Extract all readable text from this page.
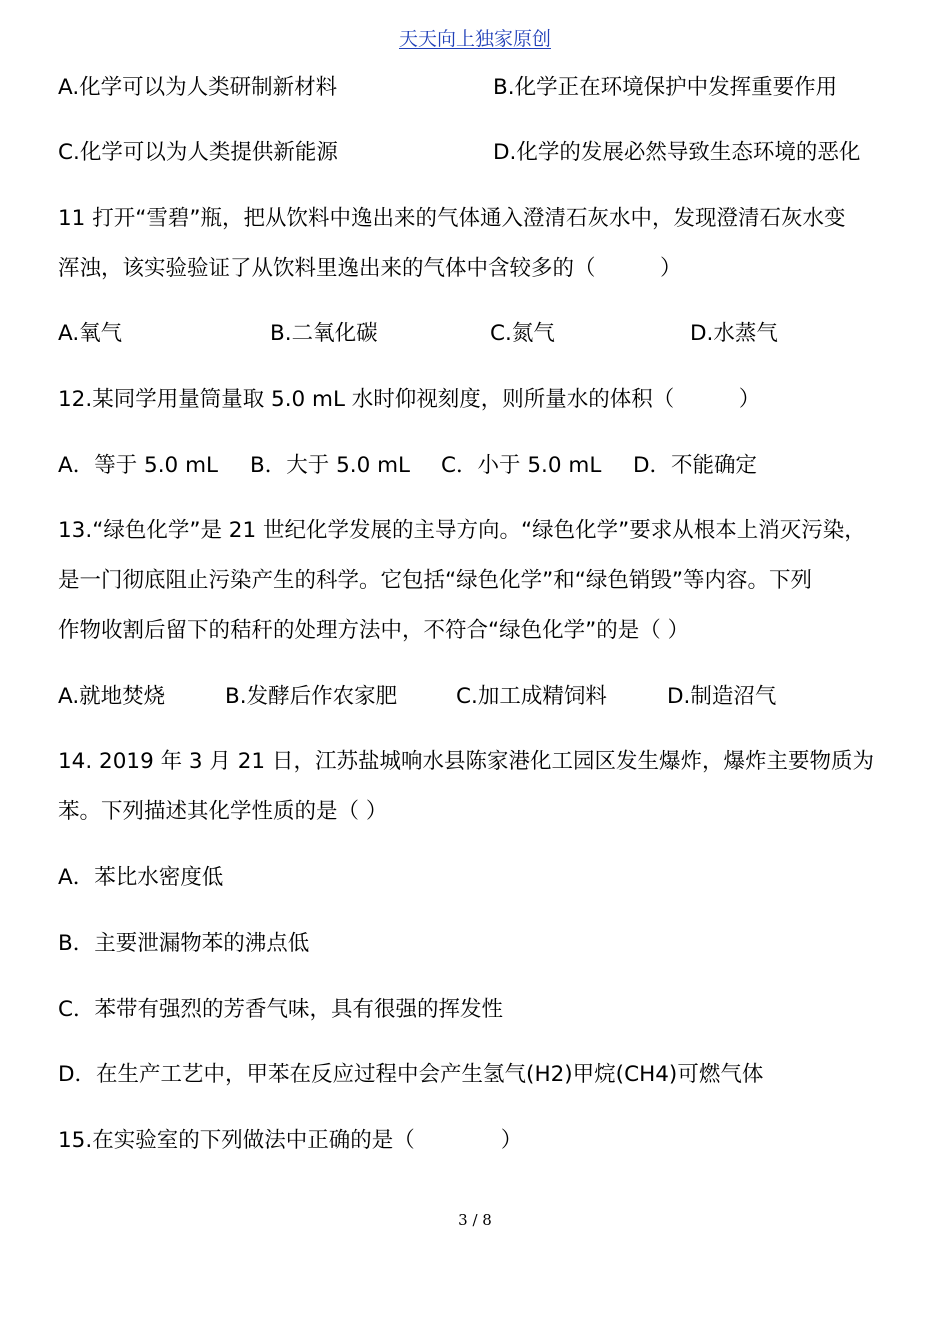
天天向上独家原创
A.化学可以为人类研制新材料	B.化学正在环境保护中发挥重要作用
C.化学可以为人类提供新能源	D.化学的发展必然导致生态环境的恶化
11 打开“雪碧”瓶，把从饮料中逸出来的气体通入澄清石灰水中，发现澄清石灰水变
浑浊，该实验验证了从饮料里逸出来的气体中含较多的（　　　）
A.氧气	B.二氧化碳	C.氮气	D.水蒸气
12.某同学用量筒量取 5.0 mL 水时仰视刻度，则所量水的体积（　　　）
A．等于 5.0 mL B．大于 5.0 mL C．小于 5.0 mL D．不能确定
13.“绿色化学”是 21 世纪化学发展的主导方向。“绿色化学”要求从根本上消灭污染，
是一门彻底阻止污染产生的科学。它包括“绿色化学”和“绿色销毁”等内容。下列
作物收割后留下的秸秆的处理方法中，不符合“绿色化学”的是（ ）
A.就地焚烧	B.发酵后作农家肥	C.加工成精饲料	D.制造沼气
14. 2019 年 3 月 21 日，江苏盐城响水县陈家港化工园区发生爆炸，爆炸主要物质为
苯。下列描述其化学性质的是（ ）
A．苯比水密度低
B．主要泄漏物苯的沸点低
C．苯带有强烈的芳香气味，具有很强的挥发性
D．在生产工艺中，甲苯在反应过程中会产生氢气(H2)甲烷(CH4)可燃气体
15.在实验室的下列做法中正确的是（　　　　）
3 / 8
